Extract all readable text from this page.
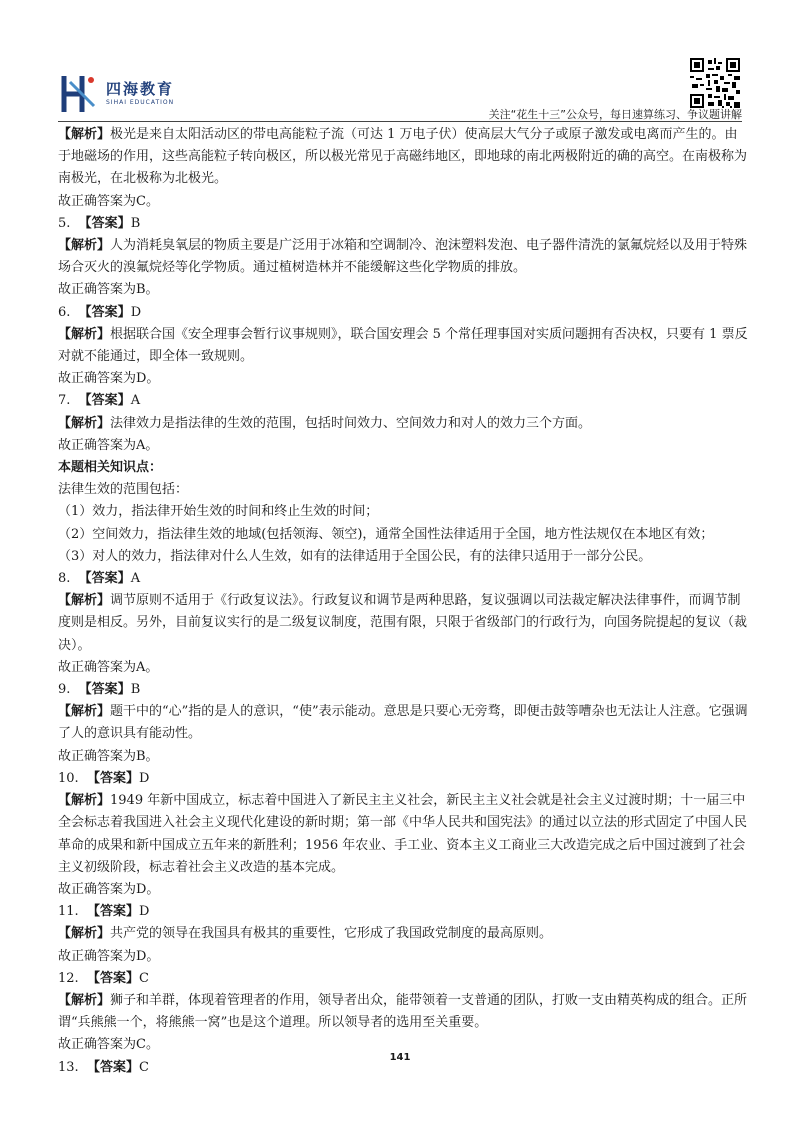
四海教育
SIHAI EDUCATION
关注“花生十三”公众号，每日速算练习、争议题讲解

【解析】极光是来自太阳活动区的带电高能粒子流（可达 1 万电子伏）使高层大气分子或原子激发或电离而产生的。由于地磁场的作用，这些高能粒子转向极区，所以极光常见于高磁纬地区，即地球的南北两极附近的确的高空。在南极称为南极光，在北极称为北极光。

故正确答案为C。

5. 【答案】B

【解析】人为消耗臭氧层的物质主要是广泛用于冰箱和空调制冷、泡沫塑料发泡、电子器件清洗的氯氟烷烃以及用于特殊场合灭火的溴氟烷烃等化学物质。通过植树造林并不能缓解这些化学物质的排放。

故正确答案为B。

6. 【答案】D

【解析】根据联合国《安全理事会暂行议事规则》，联合国安理会 5 个常任理事国对实质问题拥有否决权，只要有 1 票反对就不能通过，即全体一致规则。

故正确答案为D。

7. 【答案】A

【解析】法律效力是指法律的生效的范围，包括时间效力、空间效力和对人的效力三个方面。

故正确答案为A。

本题相关知识点：

法律生效的范围包括：

（1）效力，指法律开始生效的时间和终止生效的时间；

（2）空间效力，指法律生效的地域(包括领海、领空)，通常全国性法律适用于全国，地方性法规仅在本地区有效；

（3）对人的效力，指法律对什么人生效，如有的法律适用于全国公民，有的法律只适用于一部分公民。

8. 【答案】A

【解析】调节原则不适用于《行政复议法》。行政复议和调节是两种思路，复议强调以司法裁定解决法律事件，而调节制度则是相反。另外，目前复议实行的是二级复议制度，范围有限，只限于省级部门的行政行为，向国务院提起的复议（裁决）。

故正确答案为A。

9. 【答案】B

【解析】题干中的“心”指的是人的意识，“使”表示能动。意思是只要心无旁骛，即便击鼓等嘈杂也无法让人注意。它强调了人的意识具有能动性。

故正确答案为B。

10. 【答案】D

【解析】1949 年新中国成立，标志着中国进入了新民主主义社会，新民主主义社会就是社会主义过渡时期；十一届三中全会标志着我国进入社会主义现代化建设的新时期；第一部《中华人民共和国宪法》的通过以立法的形式固定了中国人民革命的成果和新中国成立五年来的新胜利；1956 年农业、手工业、资本主义工商业三大改造完成之后中国过渡到了社会主义初级阶段，标志着社会主义改造的基本完成。

故正确答案为D。

11. 【答案】D

【解析】共产党的领导在我国具有极其的重要性，它形成了我国政党制度的最高原则。

故正确答案为D。

12. 【答案】C

【解析】狮子和羊群，体现着管理者的作用，领导者出众，能带领着一支普通的团队，打败一支由精英构成的组合。正所谓“兵熊熊一个，将熊熊一窝”也是这个道理。所以领导者的选用至关重要。

故正确答案为C。

13. 【答案】C

141
